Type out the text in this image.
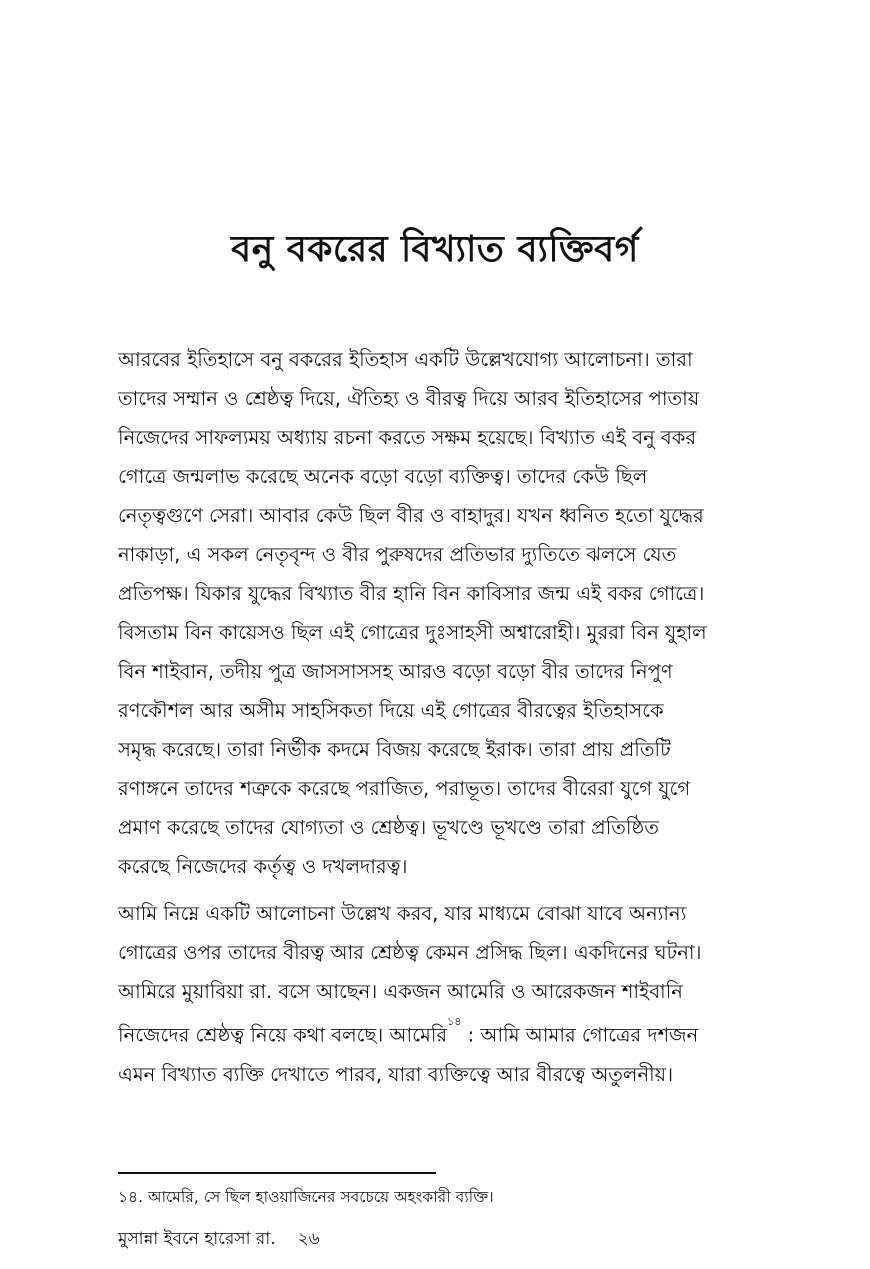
বনু বকরের বিখ্যাত ব্যক্তিবর্গ

আরবের ইতিহাসে বনু বকরের ইতিহাস একটি উল্লেখযোগ্য আলোচনা। তারা
তাদের সম্মান ও শ্রেষ্ঠত্ব দিয়ে, ঐতিহ্য ও বীরত্ব দিয়ে আরব ইতিহাসের পাতায়
নিজেদের সাফল্যময় অধ্যায় রচনা করতে সক্ষম হয়েছে। বিখ্যাত এই বনু বকর
গোত্রে জন্মলাভ করেছে অনেক বড়ো বড়ো ব্যক্তিত্ব। তাদের কেউ ছিল
নেতৃত্বগুণে সেরা। আবার কেউ ছিল বীর ও বাহাদুর। যখন ধ্বনিত হতো যুদ্ধের
নাকাড়া, এ সকল নেতৃবৃন্দ ও বীর পুরুষদের প্রতিভার দ্যুতিতে ঝলসে যেত
প্রতিপক্ষ। যিকার যুদ্ধের বিখ্যাত বীর হানি বিন কাবিসার জন্ম এই বকর গোত্রে।
বিসতাম বিন কায়েসও ছিল এই গোত্রের দুঃসাহসী অশ্বারোহী। মুররা বিন যুহাল
বিন শাইবান, তদীয় পুত্র জাসসাসসহ আরও বড়ো বড়ো বীর তাদের নিপুণ
রণকৌশল আর অসীম সাহসিকতা দিয়ে এই গোত্রের বীরত্বের ইতিহাসকে
সমৃদ্ধ করেছে। তারা নির্ভীক কদমে বিজয় করেছে ইরাক। তারা প্রায় প্রতিটি
রণাঙ্গনে তাদের শত্রুকে করেছে পরাজিত, পরাভূত। তাদের বীরেরা যুগে যুগে
প্রমাণ করেছে তাদের যোগ্যতা ও শ্রেষ্ঠত্ব। ভূখণ্ডে ভূখণ্ডে তারা প্রতিষ্ঠিত
করেছে নিজেদের কর্তৃত্ব ও দখলদারত্ব।

আমি নিম্নে একটি আলোচনা উল্লেখ করব, যার মাধ্যমে বোঝা যাবে অন্যান্য
গোত্রের ওপর তাদের বীরত্ব আর শ্রেষ্ঠত্ব কেমন প্রসিদ্ধ ছিল। একদিনের ঘটনা।
আমিরে মুয়াবিয়া রা. বসে আছেন। একজন আমেরি ও আরেকজন শাইবানি
নিজেদের শ্রেষ্ঠত্ব নিয়ে কথা বলছে। আমেরি$^{১৪}$ : আমি আমার গোত্রের দশজন
এমন বিখ্যাত ব্যক্তি দেখাতে পারব, যারা ব্যক্তিত্বে আর বীরত্বে অতুলনীয়।

১৪. আমেরি, সে ছিল হাওয়াজিনের সবচেয়ে অহংকারী ব্যক্তি।
মুসান্না ইবনে হারেসা রা. ২৬
